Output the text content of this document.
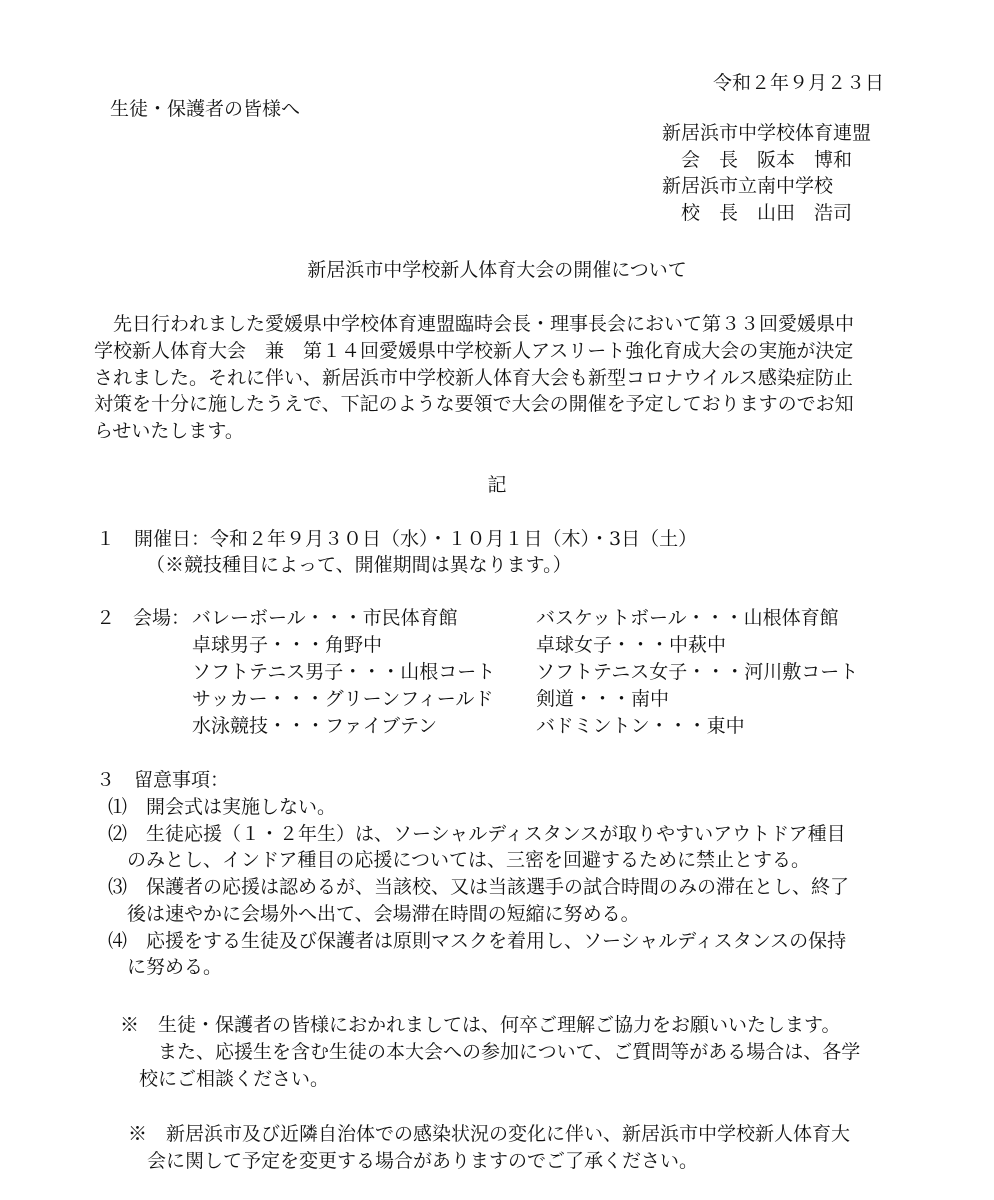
令和２年９月２３日
生徒・保護者の皆様へ
新居浜市中学校体育連盟
　会　長　阪本　博和
新居浜市立南中学校
　校　長　山田　浩司
新居浜市中学校新人体育大会の開催について
　先日行われました愛媛県中学校体育連盟臨時会長・理事長会において第３３回愛媛県中
学校新人体育大会　兼　第１４回愛媛県中学校新人アスリート強化育成大会の実施が決定
されました。それに伴い、新居浜市中学校新人体育大会も新型コロナウイルス感染症防止
対策を十分に施したうえで、下記のような要領で大会の開催を予定しておりますのでお知
らせいたします。
記
１　開催日：令和２年９月３０日（水）・１０月１日（木）・3日（土）
（※競技種目によって、開催期間は異なります。）
２ 会場： バレーボール・・・市民体育館	バスケットボール・・・山根体育館
卓球男子・・・角野中	卓球女子・・・中萩中
ソフトテニス男子・・・山根コート ソフトテニス女子・・・河川敷コート
サッカー・・・グリーンフィールド 剣道・・・南中
水泳競技・・・ファイブテン	バドミントン・・・東中
３　留意事項：
⑴　開会式は実施しない。
⑵　生徒応援（１・２年生）は、ソーシャルディスタンスが取りやすいアウトドア種目
　のみとし、インドア種目の応援については、三密を回避するために禁止とする。
⑶　保護者の応援は認めるが、当該校、又は当該選手の試合時間のみの滞在とし、終了
　後は速やかに会場外へ出て、会場滞在時間の短縮に努める。
⑷　応援をする生徒及び保護者は原則マスクを着用し、ソーシャルディスタンスの保持
　に努める。
※　生徒・保護者の皆様におかれましては、何卒ご理解ご協力をお願いいたします。
　　また、応援生を含む生徒の本大会への参加について、ご質問等がある場合は、各学
　校にご相談ください。
※　新居浜市及び近隣自治体での感染状況の変化に伴い、新居浜市中学校新人体育大
　会に関して予定を変更する場合がありますのでご了承ください。
